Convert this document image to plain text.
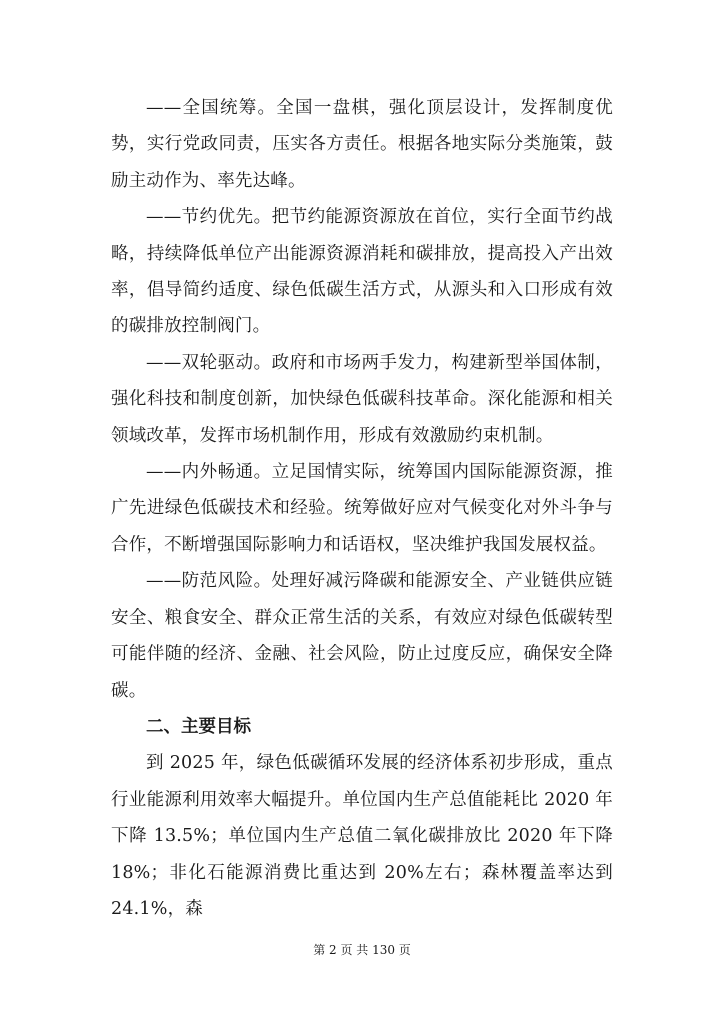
——全国统筹。全国一盘棋，强化顶层设计，发挥制度优势，实行党政同责，压实各方责任。根据各地实际分类施策，鼓励主动作为、率先达峰。

——节约优先。把节约能源资源放在首位，实行全面节约战略，持续降低单位产出能源资源消耗和碳排放，提高投入产出效率，倡导简约适度、绿色低碳生活方式，从源头和入口形成有效的碳排放控制阀门。

——双轮驱动。政府和市场两手发力，构建新型举国体制，强化科技和制度创新，加快绿色低碳科技革命。深化能源和相关领域改革，发挥市场机制作用，形成有效激励约束机制。

——内外畅通。立足国情实际，统筹国内国际能源资源，推广先进绿色低碳技术和经验。统筹做好应对气候变化对外斗争与合作，不断增强国际影响力和话语权，坚决维护我国发展权益。

——防范风险。处理好减污降碳和能源安全、产业链供应链安全、粮食安全、群众正常生活的关系，有效应对绿色低碳转型可能伴随的经济、金融、社会风险，防止过度反应，确保安全降碳。

二、主要目标

到 2025 年，绿色低碳循环发展的经济体系初步形成，重点行业能源利用效率大幅提升。单位国内生产总值能耗比 2020 年下降 13.5%；单位国内生产总值二氧化碳排放比 2020 年下降 18%；非化石能源消费比重达到 20%左右；森林覆盖率达到 24.1%，森

第 2 页 共 130 页
